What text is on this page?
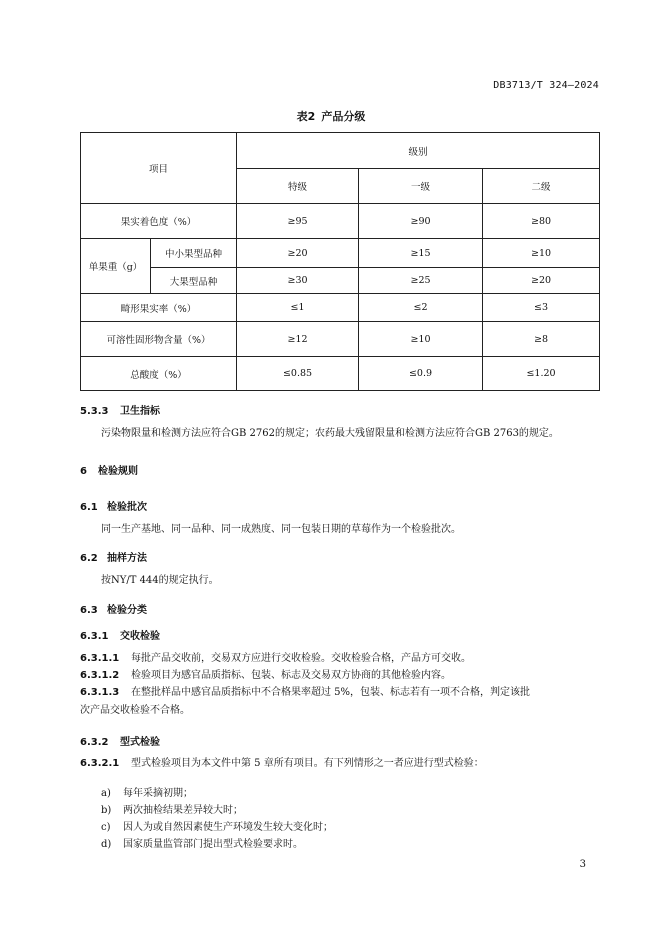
DB3713/T 324—2024
表2 产品分级
项目		级别		
		特级	一级	二级
果实着色度（%）		≥95	≥90	≥80
单果重（g）	中小果型品种	≥20	≥15	≥10
	大果型品种	≥30	≥25	≥20
畸形果实率（%）		≤1	≤2	≤3
可溶性固形物含量（%）		≥12	≥10	≥8
总酸度（%）		≤0.85	≤0.9	≤1.20
5.3.3 卫生指标
污染物限量和检测方法应符合GB 2762的规定；农药最大残留限量和检测方法应符合GB 2763的规定。
6 检验规则
6.1 检验批次
同一生产基地、同一品种、同一成熟度、同一包装日期的草莓作为一个检验批次。
6.2 抽样方法
按NY/T 444的规定执行。
6.3 检验分类
6.3.1 交收检验
6.3.1.1 每批产品交收前，交易双方应进行交收检验。交收检验合格，产品方可交收。
6.3.1.2 检验项目为感官品质指标、包装、标志及交易双方协商的其他检验内容。
6.3.1.3 在整批样品中感官品质指标中不合格果率超过 5%，包装、标志若有一项不合格，判定该批
次产品交收检验不合格。
6.3.2 型式检验
6.3.2.1 型式检验项目为本文件中第 5 章所有项目。有下列情形之一者应进行型式检验：
a) 每年采摘初期；
b) 两次抽检结果差异较大时；
c) 因人为或自然因素使生产环境发生较大变化时；
d) 国家质量监管部门提出型式检验要求时。
3
